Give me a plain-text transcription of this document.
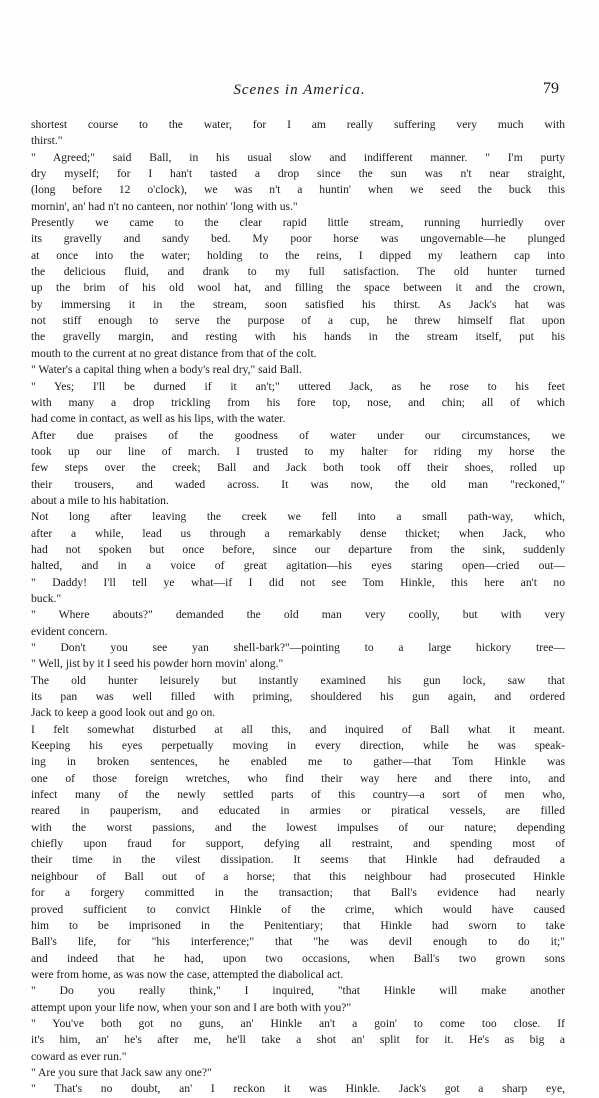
Scenes in America.	79

shortest course to the water, for I am really suffering very much with

thirst."

" Agreed;" said Ball, in his usual slow and indifferent manner. " I'm purty

dry myself; for I han't tasted a drop since the sun was n't near straight,

(long before 12 o'clock), we was n't a huntin' when we seed the buck this

mornin', an' had n't no canteen, nor nothin' 'long with us."

Presently we came to the clear rapid little stream, running hurriedly over

its gravelly and sandy bed. My poor horse was ungovernable—he plunged

at once into the water; holding to the reins, I dipped my leathern cap into

the delicious fluid, and drank to my full satisfaction. The old hunter turned

up the brim of his old wool hat, and filling the space between it and the crown,

by immersing it in the stream, soon satisfied his thirst. As Jack's hat was

not stiff enough to serve the purpose of a cup, he threw himself flat upon

the gravelly margin, and resting with his hands in the stream itself, put his

mouth to the current at no great distance from that of the colt.

" Water's a capital thing when a body's real dry," said Ball.

" Yes; I'll be durned if it an't;" uttered Jack, as he rose to his feet

with many a drop trickling from his fore top, nose, and chin; all of which

had come in contact, as well as his lips, with the water.

After due praises of the goodness of water under our circumstances, we

took up our line of march. I trusted to my halter for riding my horse the

few steps over the creek; Ball and Jack both took off their shoes, rolled up

their trousers, and waded across. It was now, the old man "reckoned,"

about a mile to his habitation.

Not long after leaving the creek we fell into a small path-way, which,

after a while, lead us through a remarkably dense thicket; when Jack, who

had not spoken but once before, since our departure from the sink, suddenly

halted, and in a voice of great agitation—his eyes staring open—cried out—

" Daddy! I'll tell ye what—if I did not see Tom Hinkle, this here an't no

buck."

" Where abouts?" demanded the old man very coolly, but with very

evident concern.

" Don't you see yan shell-bark?"—pointing to a large hickory tree—

" Well, jist by it I seed his powder horn movin' along."

The old hunter leisurely but instantly examined his gun lock, saw that

its pan was well filled with priming, shouldered his gun again, and ordered

Jack to keep a good look out and go on.

I felt somewhat disturbed at all this, and inquired of Ball what it meant.

Keeping his eyes perpetually moving in every direction, while he was speak-

ing in broken sentences, he enabled me to gather—that Tom Hinkle was

one of those foreign wretches, who find their way here and there into, and

infect many of the newly settled parts of this country—a sort of men who,

reared in pauperism, and educated in armies or piratical vessels, are filled

with the worst passions, and the lowest impulses of our nature; depending

chiefly upon fraud for support, defying all restraint, and spending most of

their time in the vilest dissipation. It seems that Hinkle had defrauded a

neighbour of Ball out of a horse; that this neighbour had prosecuted Hinkle

for a forgery committed in the transaction; that Ball's evidence had nearly

proved sufficient to convict Hinkle of the crime, which would have caused

him to be imprisoned in the Penitentiary; that Hinkle had sworn to take

Ball's life, for "his interference;" that "he was devil enough to do it;"

and indeed that he had, upon two occasions, when Ball's two grown sons

were from home, as was now the case, attempted the diabolical act.

" Do you really think," I inquired, "that Hinkle will make another

attempt upon your life now, when your son and I are both with you?"

" You've both got no guns, an' Hinkle an't a goin' to come too close. If

it's him, an' he's after me, he'll take a shot an' split for it. He's as big a

coward as ever run."

" Are you sure that Jack saw any one?"

" That's no doubt, an' I reckon it was Hinkle. Jack's got a sharp eye,
